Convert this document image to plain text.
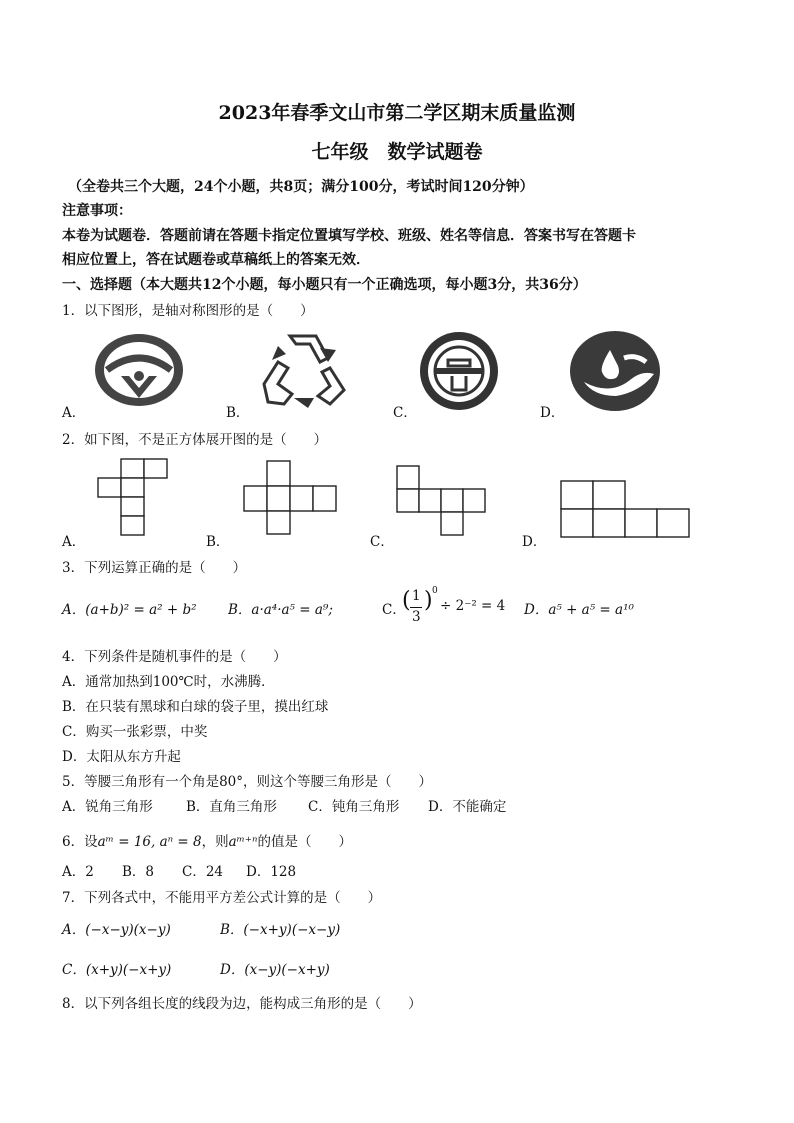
2023年春季文山市第二学区期末质量监测
七年级　数学试题卷
（全卷共三个大题，24个小题，共8页；满分100分，考试时间120分钟）
注意事项：
本卷为试题卷．答题前请在答题卡指定位置填写学校、班级、姓名等信息．答案书写在答题卡
相应位置上，答在试题卷或草稿纸上的答案无效．
一、选择题（本大题共12个小题，每小题只有一个正确选项，每小题3分，共36分）
1．以下图形，是轴对称图形的是（　　）
A．	B．	C．	D．
2．如下图，不是正方体展开图的是（　　）
A．	B．	C．	D．
3．下列运算正确的是（　　）
A．(a+b)² = a² + b² B．a·a⁴·a⁵ = a⁹;	C．
( 1
3
) 0
÷ 2⁻² = 4 D．a⁵ + a⁵ = a¹⁰
4．下列条件是随机事件的是（　　）
A．通常加热到100℃时，水沸腾．
B．在只装有黑球和白球的袋子里，摸出红球
C．购买一张彩票，中奖
D．太阳从东方升起
5．等腰三角形有一个角是80°，则这个等腰三角形是（　　）
A．锐角三角形 B．直角三角形 C．钝角三角形 D．不能确定
6．设aᵐ = 16, aⁿ = 8，则aᵐ⁺ⁿ的值是（　　）
A．2 B．8 C．24 D．128
7．下列各式中，不能用平方差公式计算的是（　　）
A．(−x−y)(x−y)	B．(−x+y)(−x−y)
C．(x+y)(−x+y)	D．(x−y)(−x+y)
8．以下列各组长度的线段为边，能构成三角形的是（　　）
